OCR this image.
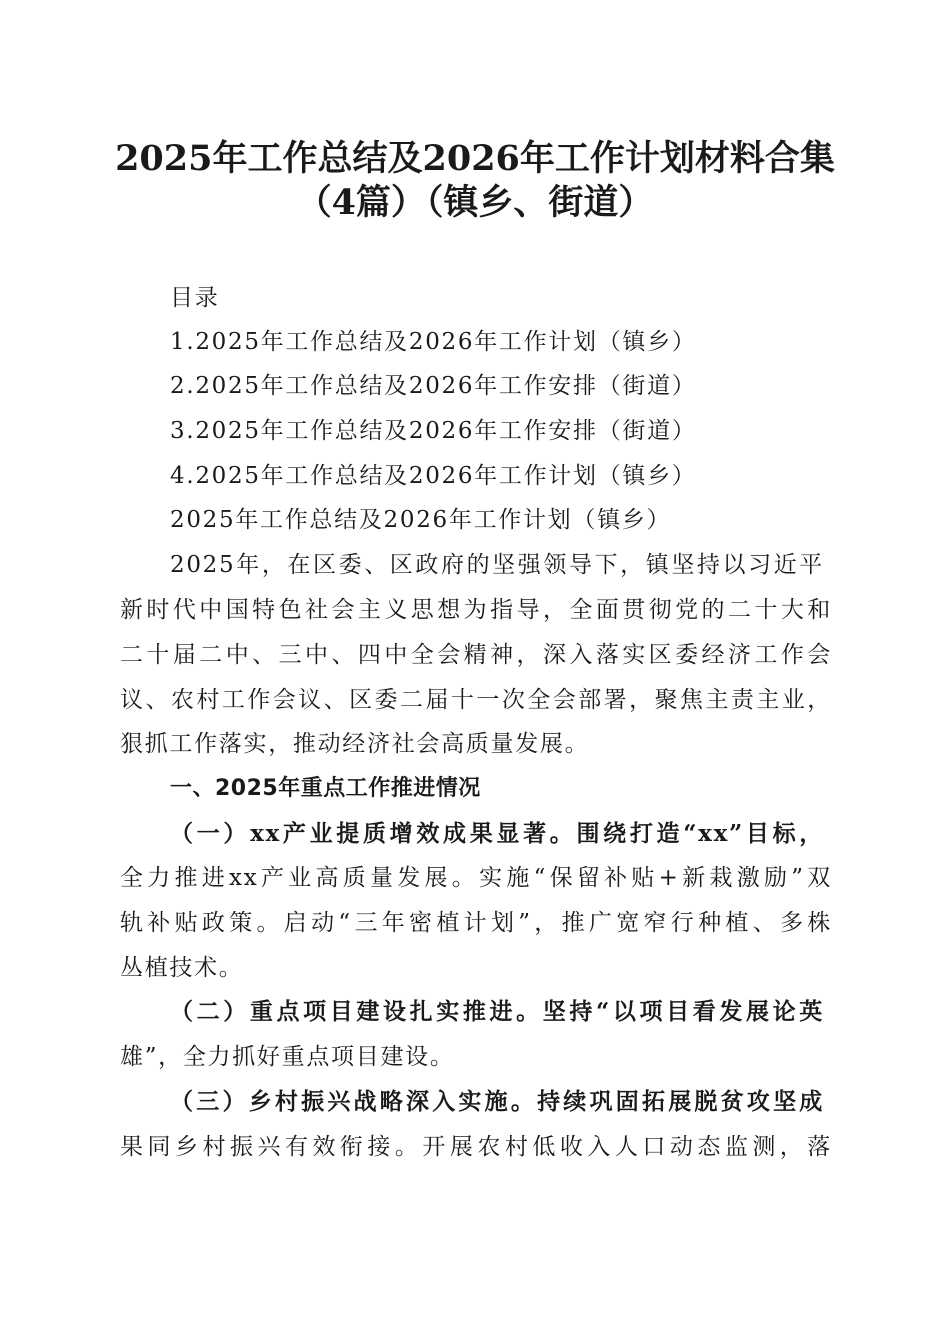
2025年工作总结及2026年工作计划材料合集
（4篇）（镇乡、街道）

目录

1.2025年工作总结及2026年工作计划（镇乡）

2.2025年工作总结及2026年工作安排（街道）

3.2025年工作总结及2026年工作安排（街道）

4.2025年工作总结及2026年工作计划（镇乡）

2025年工作总结及2026年工作计划（镇乡）

2025年，在区委、区政府的坚强领导下，镇坚持以习近平

新时代中国特色社会主义思想为指导，全面贯彻党的二十大和

二十届二中、三中、四中全会精神，深入落实区委经济工作会

议、农村工作会议、区委二届十一次全会部署，聚焦主责主业，

狠抓工作落实，推动经济社会高质量发展。

一、2025年重点工作推进情况

（一）xx产业提质增效成果显著。围绕打造“xx”目标，

全力推进xx产业高质量发展。实施“保留补贴+新栽激励”双

轨补贴政策。启动“三年密植计划”，推广宽窄行种植、多株

丛植技术。

（二）重点项目建设扎实推进。坚持“以项目看发展论英

雄”，全力抓好重点项目建设。

（三）乡村振兴战略深入实施。持续巩固拓展脱贫攻坚成

果同乡村振兴有效衔接。开展农村低收入人口动态监测，落
